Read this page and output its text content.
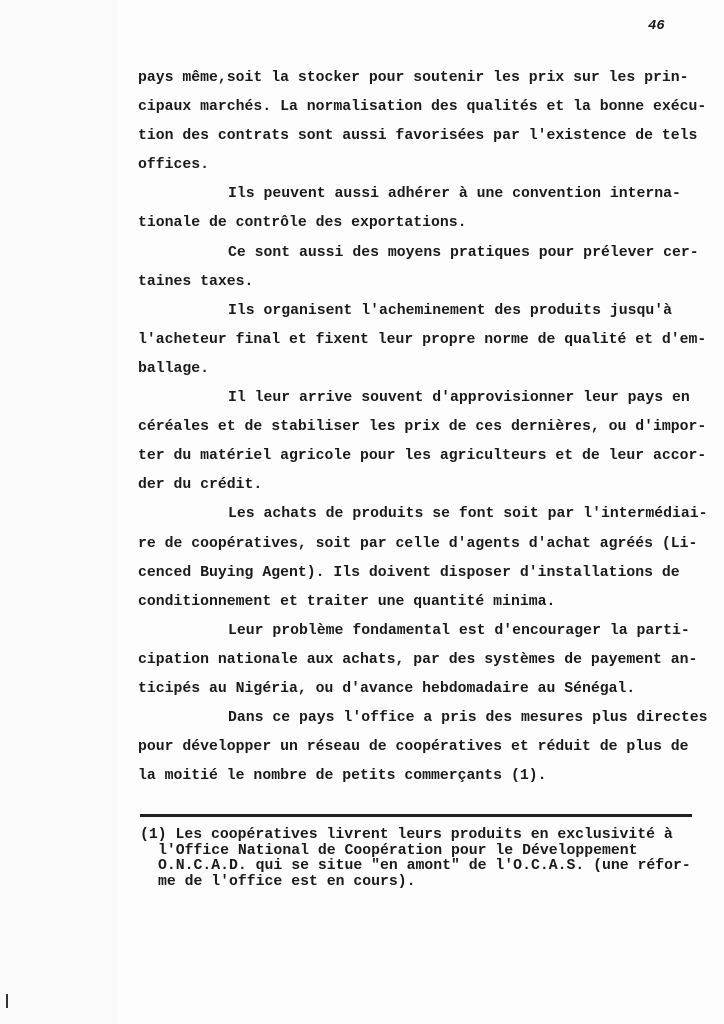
46
pays même,soit la stocker pour soutenir les prix sur les prin-
cipaux marchés. La normalisation des qualités et la bonne exécu-
tion des contrats sont aussi favorisées par l'existence de tels
offices.
Ils peuvent aussi adhérer à une convention interna-
tionale de contrôle des exportations.
Ce sont aussi des moyens pratiques pour prélever cer-
taines taxes.
Ils organisent l'acheminement des produits jusqu'à
l'acheteur final et fixent leur propre norme de qualité et d'em-
ballage.
Il leur arrive souvent d'approvisionner leur pays en
céréales et de stabiliser les prix de ces dernières, ou d'impor-
ter du matériel agricole pour les agriculteurs et de leur accor-
der du crédit.
Les achats de produits se font soit par l'intermédiai-
re de coopératives, soit par celle d'agents d'achat agréés (Li-
cenced Buying Agent). Ils doivent disposer d'installations de
conditionnement et traiter une quantité minima.
Leur problème fondamental est d'encourager la parti-
cipation nationale aux achats, par des systèmes de payement an-
ticipés au Nigéria, ou d'avance hebdomadaire au Sénégal.
Dans ce pays l'office a pris des mesures plus directes
pour développer un réseau de coopératives et réduit de plus de
la moitié le nombre de petits commerçants (1).
(1) Les coopératives livrent leurs produits en exclusivité à
l'Office National de Coopération pour le Développement
O.N.C.A.D. qui se situe "en amont" de l'O.C.A.S. (une réfor-
me de l'office est en cours).
